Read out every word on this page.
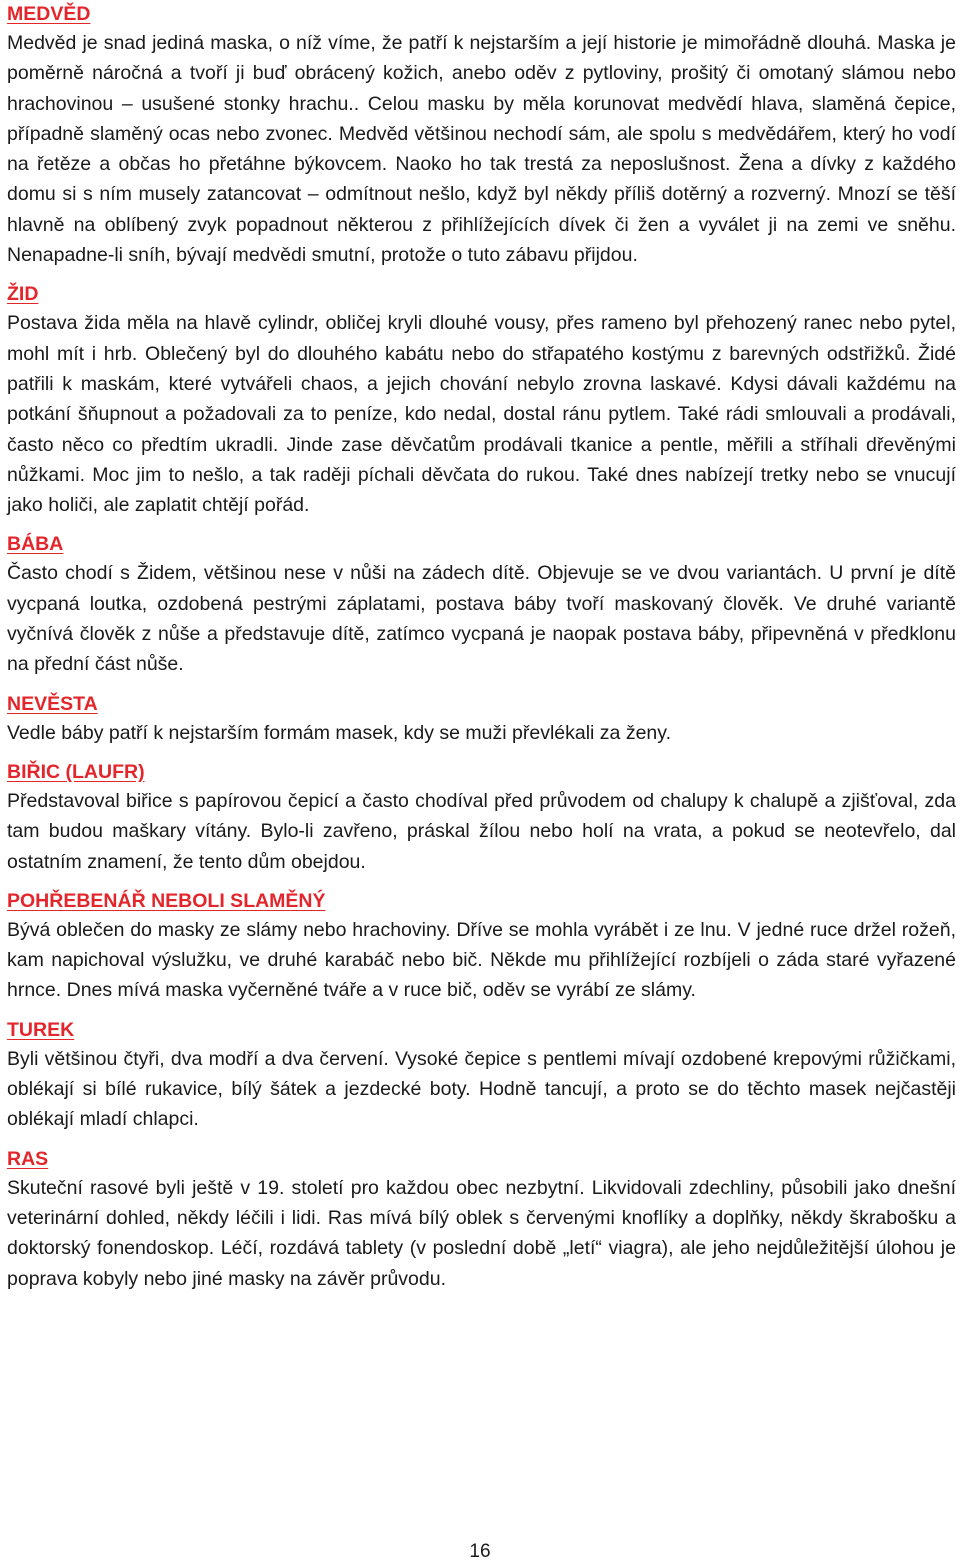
MEDVĚD

Medvěd je snad jediná maska, o níž víme, že patří k nejstarším a její historie je mimořádně dlouhá. Maska je poměrně náročná a tvoří ji buď obrácený kožich, anebo oděv z pytloviny, prošitý či omotaný slámou nebo hrachovinou – usušené stonky hrachu.. Celou masku by měla korunovat medvědí hlava, slaměná čepice, případně slaměný ocas nebo zvonec. Medvěd většinou nechodí sám, ale spolu s medvědářem, který ho vodí na řetěze a občas ho přetáhne býkovcem. Naoko ho tak trestá za neposlušnost. Žena a dívky z každého domu si s ním musely zatancovat – odmítnout nešlo, když byl někdy příliš dotěrný a rozverný. Mnozí se těší hlavně na oblíbený zvyk popadnout některou z přihlížejících dívek či žen a vyválet ji na zemi ve sněhu. Nenapadne-li sníh, bývají medvědi smutní, protože o tuto zábavu přijdou.

ŽID

Postava žida měla na hlavě cylindr, obličej kryli dlouhé vousy, přes rameno byl přehozený ranec nebo pytel, mohl mít i hrb. Oblečený byl do dlouhého kabátu nebo do střapatého kostýmu z barevných odstřižků. Židé patřili k maskám, které vytvářeli chaos, a jejich chování nebylo zrovna laskavé. Kdysi dávali každému na potkání šňupnout a požadovali za to peníze, kdo nedal, dostal ránu pytlem. Také rádi smlouvali a prodávali, často něco co předtím ukradli. Jinde zase děvčatům prodávali tkanice a pentle, měřili a stříhali dřevěnými nůžkami. Moc jim to nešlo, a tak raději píchali děvčata do rukou. Také dnes nabízejí tretky nebo se vnucují jako holiči, ale zaplatit chtějí pořád.

BÁBA

Často chodí s Židem, většinou nese v nůši na zádech dítě. Objevuje se ve dvou variantách. U první je dítě vycpaná loutka, ozdobená pestrými záplatami, postava báby tvoří maskovaný člověk. Ve druhé variantě vyčnívá člověk z nůše a představuje dítě, zatímco vycpaná je naopak postava báby, připevněná v předklonu na přední část nůše.

NEVĚSTA

Vedle báby patří k nejstarším formám masek, kdy se muži převlékali za ženy.

BIŘIC (LAUFR)

Představoval biřice s papírovou čepicí a často chodíval před průvodem od chalupy k chalupě a zjišťoval, zda tam budou maškary vítány. Bylo-li zavřeno, práskal žílou nebo holí na vrata, a pokud se neotevřelo, dal ostatním znamení, že tento dům obejdou.

POHŘEBENÁŘ NEBOLI SLAMĚNÝ

Bývá oblečen do masky ze slámy nebo hrachoviny. Dříve se mohla vyrábět i ze lnu. V jedné ruce držel rožeň, kam napichoval výslužku, ve druhé karabáč nebo bič. Někde mu přihlížející rozbíjeli o záda staré vyřazené hrnce. Dnes mívá maska vyčerněné tváře a v ruce bič, oděv se vyrábí ze slámy.

TUREK

Byli většinou čtyři, dva modří a dva červení. Vysoké čepice s pentlemi mívají ozdobené krepovými růžičkami, oblékají si bílé rukavice, bílý šátek a jezdecké boty. Hodně tancují, a proto se do těchto masek nejčastěji oblékají mladí chlapci.

RAS

Skuteční rasové byli ještě v 19. století pro každou obec nezbytní. Likvidovali zdechliny, působili jako dnešní veterinární dohled, někdy léčili i lidi. Ras mívá bílý oblek s červenými knoflíky a doplňky, někdy škrabošku a doktorský fonendoskop. Léčí, rozdává tablety (v poslední době „letí“ viagra), ale jeho nejdůležitější úlohou je poprava kobyly nebo jiné masky na závěr průvodu.

16
